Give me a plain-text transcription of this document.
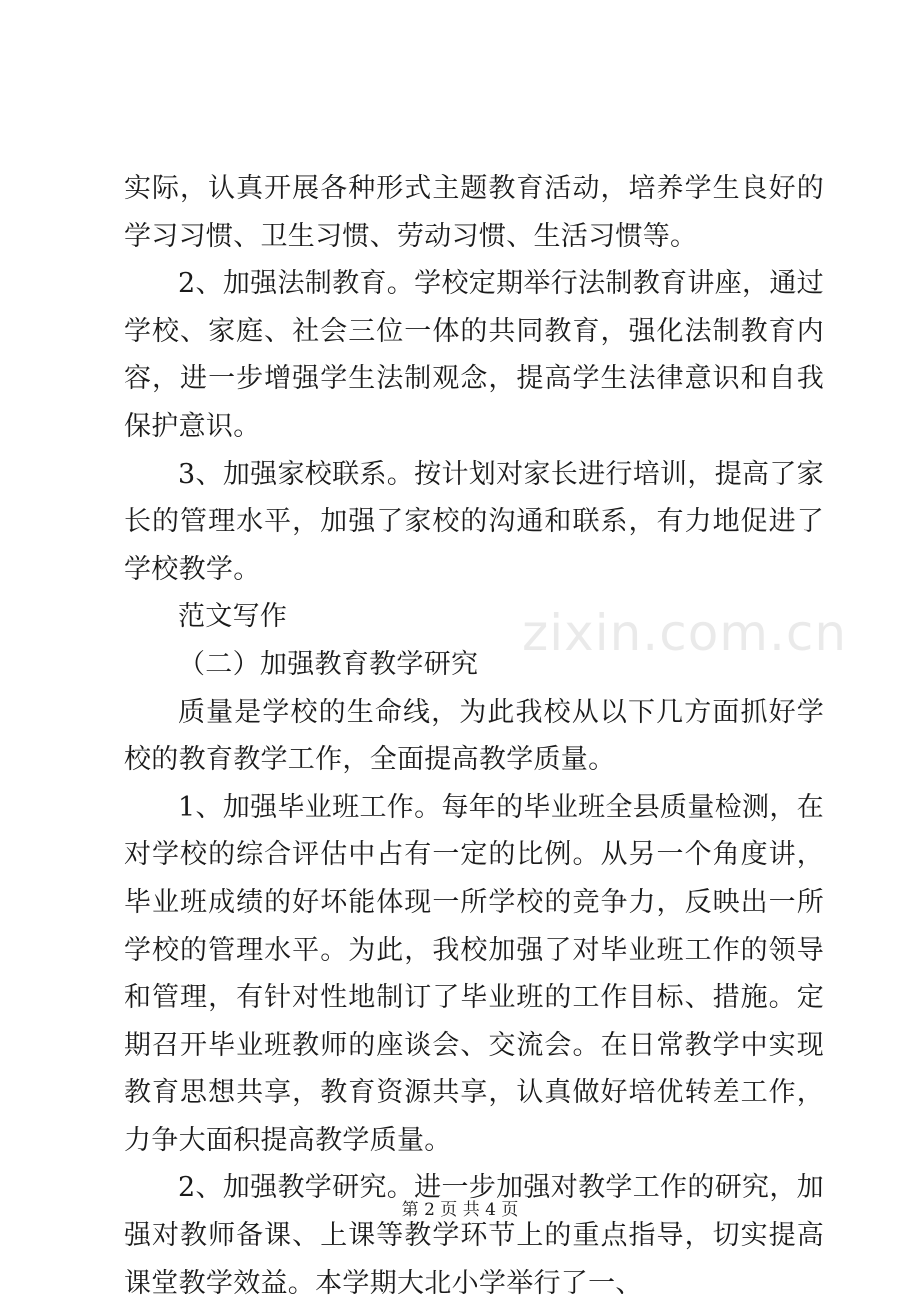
实际，认真开展各种形式主题教育活动，培养学生良好的学习习惯、卫生习惯、劳动习惯、生活习惯等。

2、加强法制教育。学校定期举行法制教育讲座，通过学校、家庭、社会三位一体的共同教育，强化法制教育内容，进一步增强学生法制观念，提高学生法律意识和自我保护意识。

3、加强家校联系。按计划对家长进行培训，提高了家长的管理水平，加强了家校的沟通和联系，有力地促进了学校教学。

范文写作

（二）加强教育教学研究

质量是学校的生命线，为此我校从以下几方面抓好学校的教育教学工作，全面提高教学质量。

1、加强毕业班工作。每年的毕业班全县质量检测，在对学校的综合评估中占有一定的比例。从另一个角度讲，毕业班成绩的好坏能体现一所学校的竞争力，反映出一所学校的管理水平。为此，我校加强了对毕业班工作的领导和管理，有针对性地制订了毕业班的工作目标、措施。定期召开毕业班教师的座谈会、交流会。在日常教学中实现教育思想共享，教育资源共享，认真做好培优转差工作，力争大面积提高教学质量。

2、加强教学研究。进一步加强对教学工作的研究，加强对教师备课、上课等教学环节上的重点指导，切实提高课堂教学效益。本学期大北小学举行了一、

zixin.com.cn
第 2 页 共 4 页
